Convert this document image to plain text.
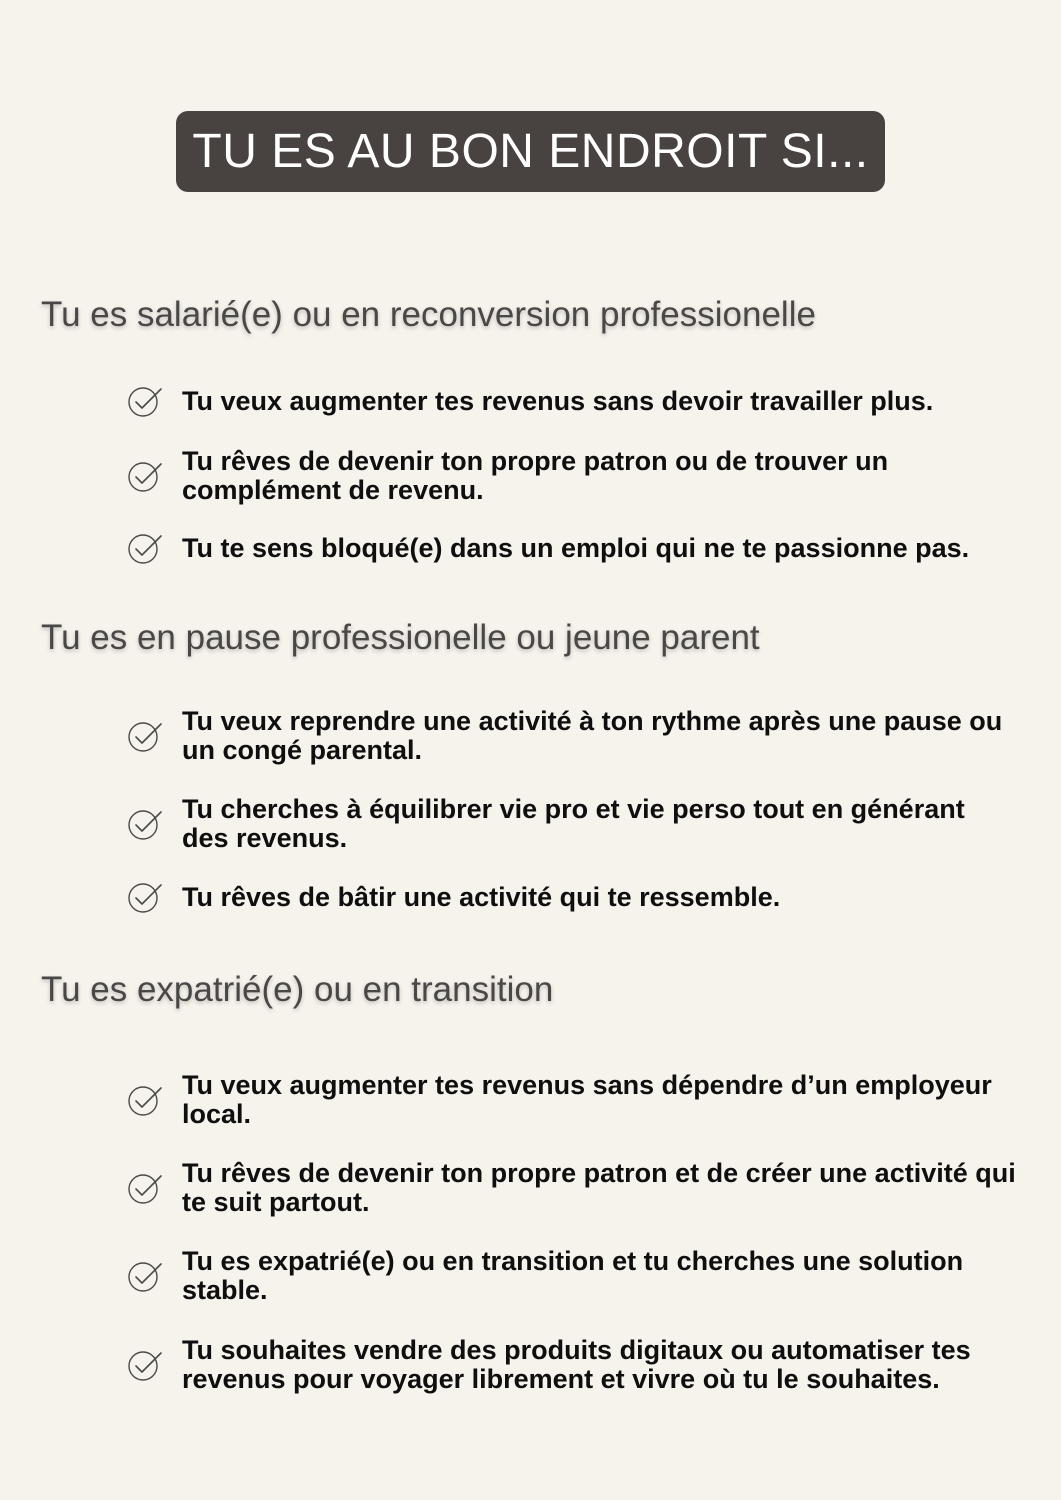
TU ES AU BON ENDROIT SI...
Tu es salarié(e) ou en reconversion professionelle
Tu veux augmenter tes revenus sans devoir travailler plus.
Tu rêves de devenir ton propre patron ou de trouver un complément de revenu.
Tu te sens bloqué(e) dans un emploi qui ne te passionne pas.
Tu es en pause professionelle ou jeune parent
Tu veux reprendre une activité à ton rythme après une pause ou un congé parental.
Tu cherches à équilibrer vie pro et vie perso tout en générant des revenus.
Tu rêves de bâtir une activité qui te ressemble.
Tu es expatrié(e) ou en transition
Tu veux augmenter tes revenus sans dépendre d’un employeur local.
Tu rêves de devenir ton propre patron et de créer une activité qui te suit partout.
Tu es expatrié(e) ou en transition et tu cherches une solution stable.
Tu souhaites vendre des produits digitaux ou automatiser tes revenus pour voyager librement et vivre où tu le souhaites.
